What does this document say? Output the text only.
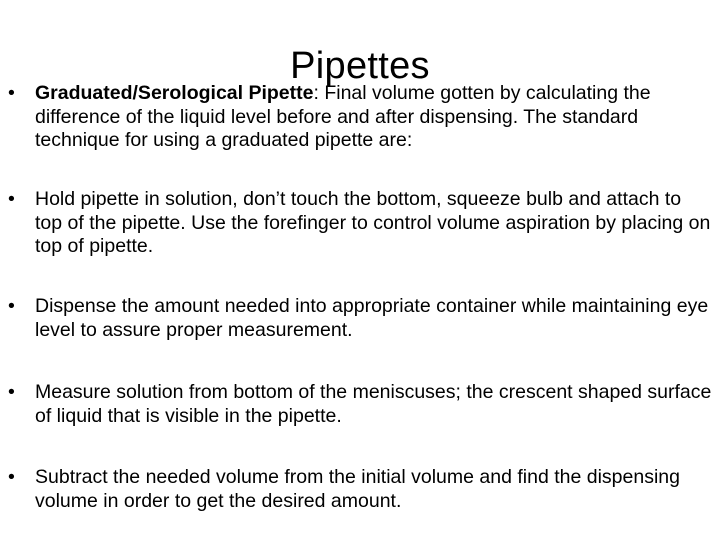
Pipettes
•	Graduated/Serological Pipette: Final volume gotten by calculating the difference of the liquid level before and after dispensing. The standard technique for using a graduated pipette are:
•	Hold pipette in solution, don’t touch the bottom, squeeze bulb and attach to top of the pipette. Use the forefinger to control volume aspiration by placing on top of pipette.
•	Dispense the amount needed into appropriate container while maintaining eye level to assure proper measurement.
•	Measure solution from bottom of the meniscuses; the crescent shaped surface of liquid that is visible in the pipette.
•	Subtract the needed volume from the initial volume and find the dispensing volume in order to get the desired amount.
